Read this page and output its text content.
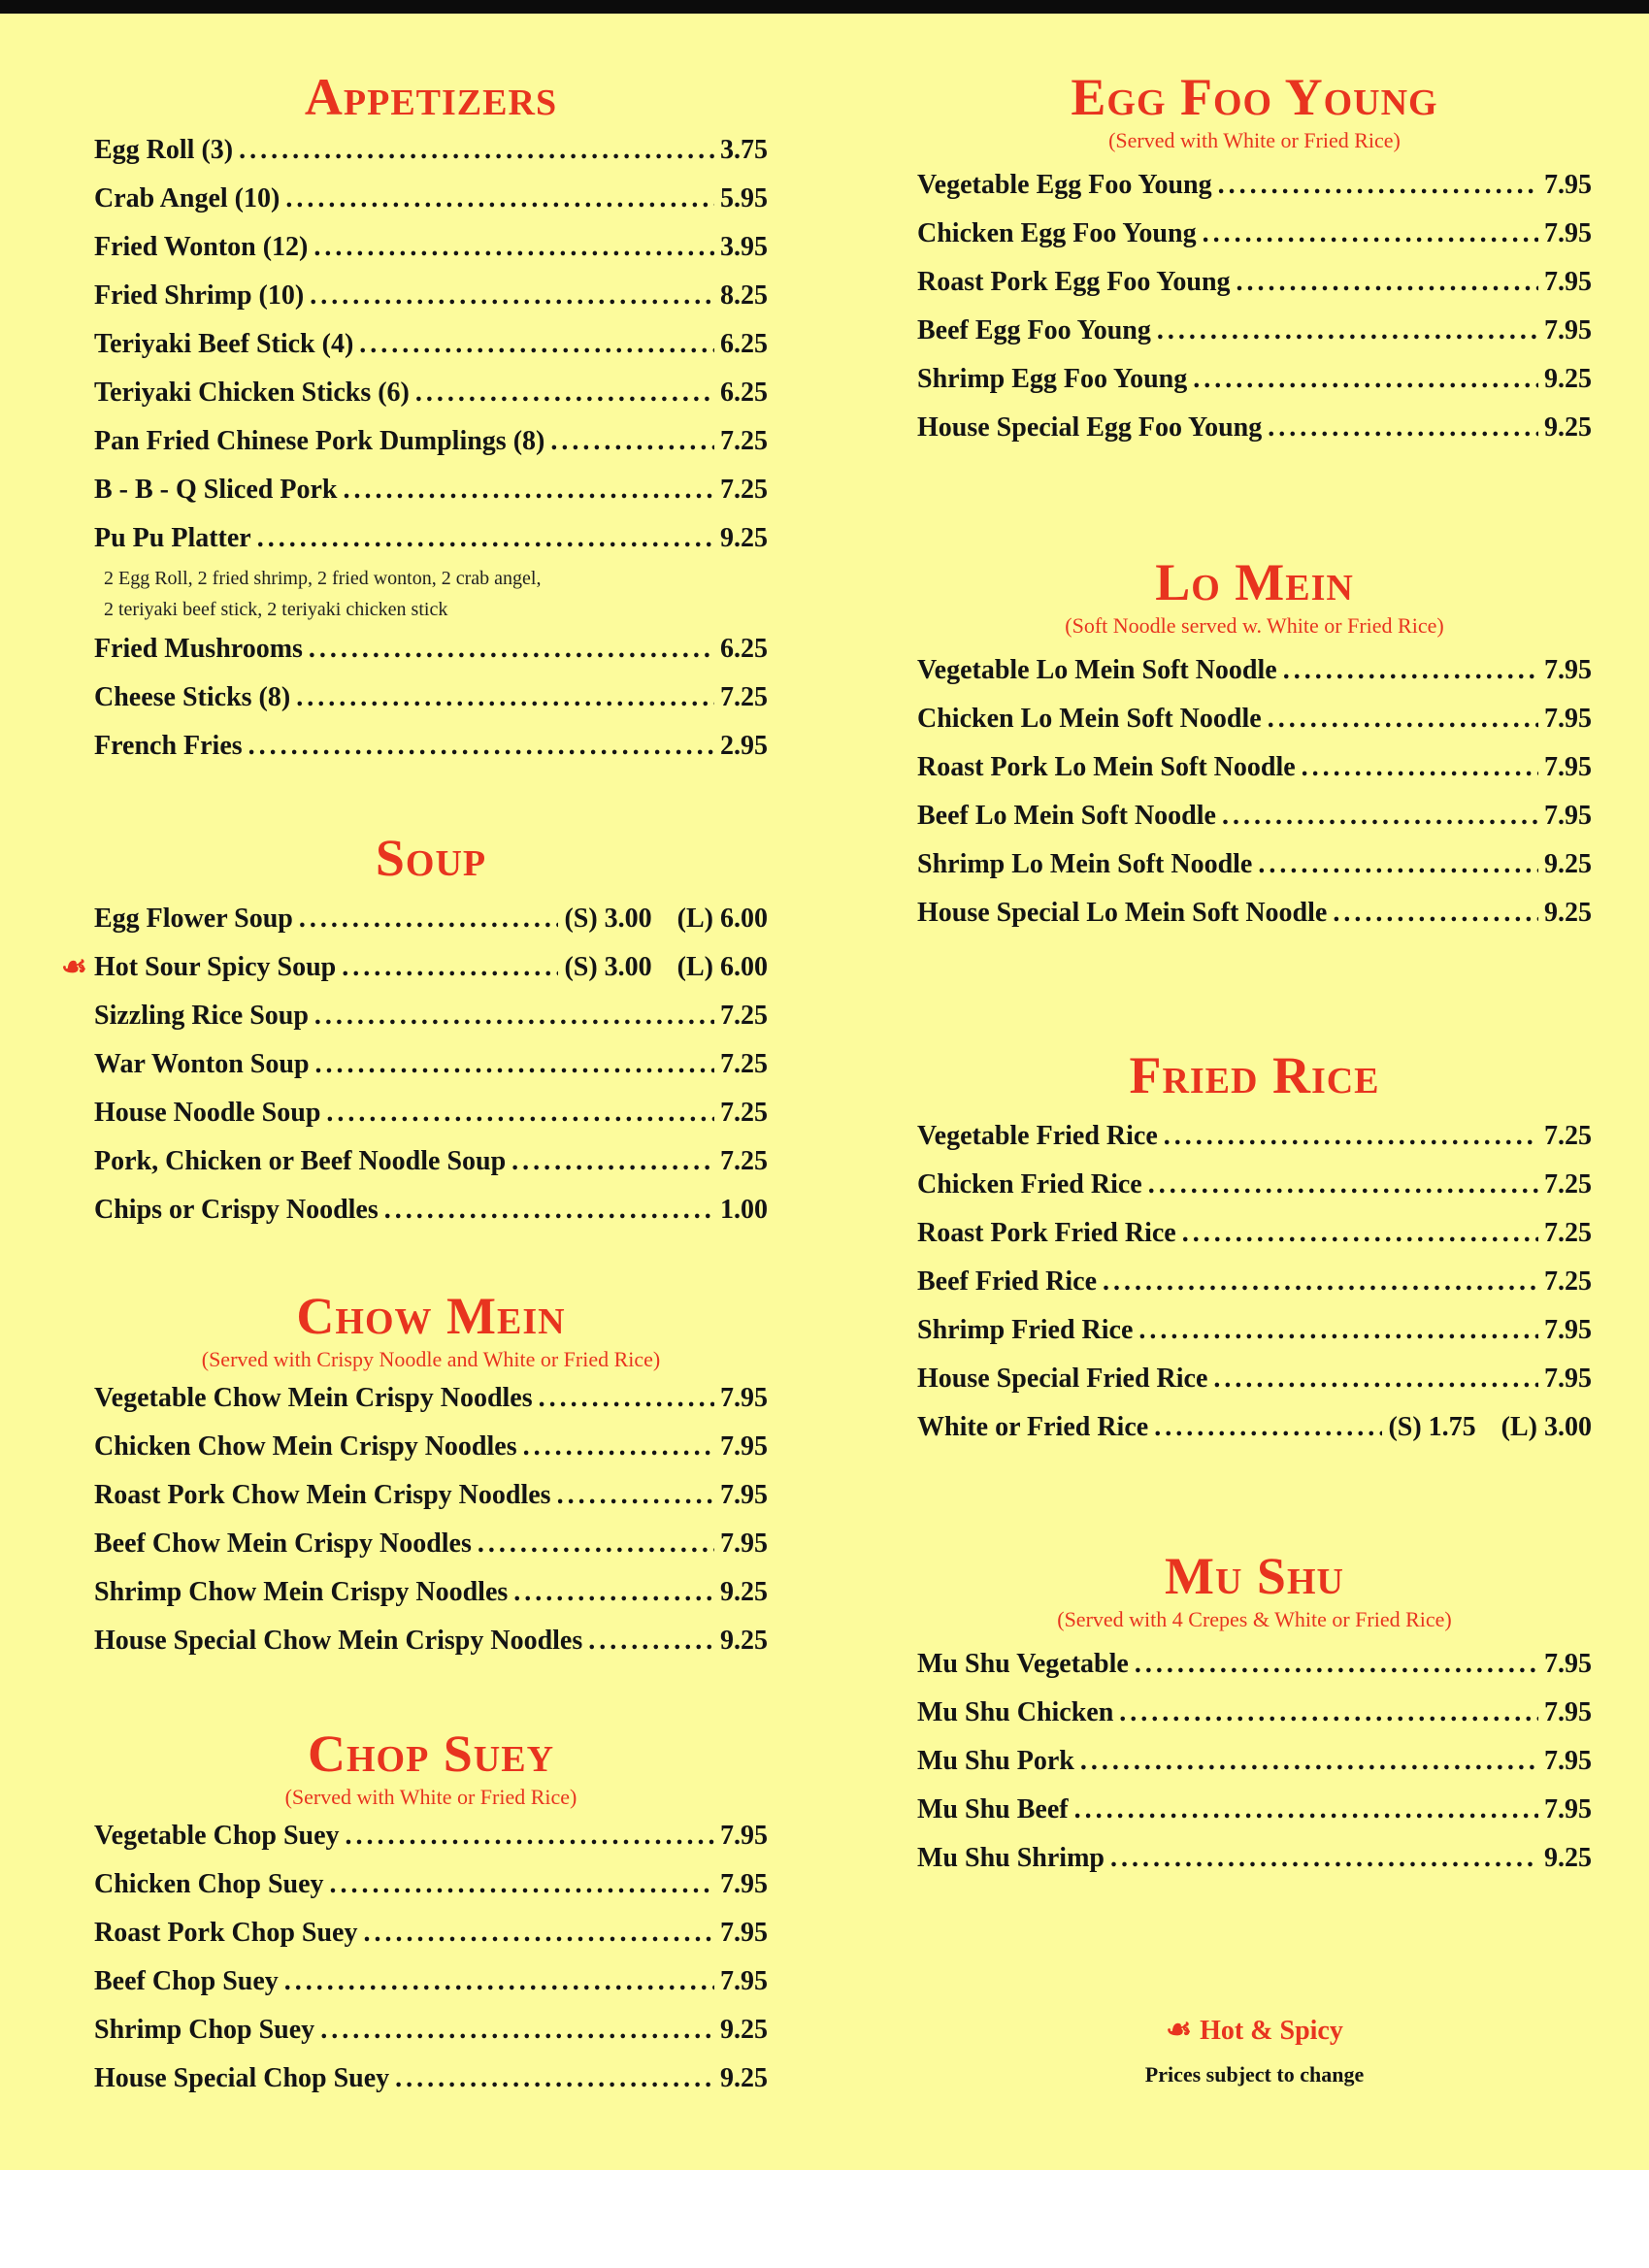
Appetizers
Egg Roll (3) .....	3.75
Crab Angel (10) .....	5.95
Fried Wonton (12) .....	3.95
Fried Shrimp (10) .....	8.25
Teriyaki Beef Stick (4) .....	6.25
Teriyaki Chicken Sticks (6) .....	6.25
Pan Fried Chinese Pork Dumplings (8) .....	7.25
B - B - Q Sliced Pork .....	7.25
Pu Pu Platter .....	9.25
2 Egg Roll, 2 fried shrimp, 2 fried wonton, 2 crab angel,
2 teriyaki beef stick, 2 teriyaki chicken stick
Fried Mushrooms .....	6.25
Cheese Sticks (8) .....	7.25
French Fries .....	2.95
Soup
Egg Flower Soup .....	(S) 3.00 (L) 6.00
☙ Hot Sour Spicy Soup .....	(S) 3.00 (L) 6.00
Sizzling Rice Soup .....	7.25
War Wonton Soup .....	7.25
House Noodle Soup .....	7.25
Pork, Chicken or Beef Noodle Soup .....	7.25
Chips or Crispy Noodles .....	1.00
Chow Mein
(Served with Crispy Noodle and White or Fried Rice)
Vegetable Chow Mein Crispy Noodles .....	7.95
Chicken Chow Mein Crispy Noodles .....	7.95
Roast Pork Chow Mein Crispy Noodles .....	7.95
Beef Chow Mein Crispy Noodles .....	7.95
Shrimp Chow Mein Crispy Noodles .....	9.25
House Special Chow Mein Crispy Noodles .....	9.25
Chop Suey
(Served with White or Fried Rice)
Vegetable Chop Suey .....	7.95
Chicken Chop Suey .....	7.95
Roast Pork Chop Suey .....	7.95
Beef Chop Suey .....	7.95
Shrimp Chop Suey .....	9.25
House Special Chop Suey .....	9.25
Egg Foo Young
(Served with White or Fried Rice)
Vegetable Egg Foo Young .....	7.95
Chicken Egg Foo Young .....	7.95
Roast Pork Egg Foo Young .....	7.95
Beef Egg Foo Young .....	7.95
Shrimp Egg Foo Young .....	9.25
House Special Egg Foo Young .....	9.25
Lo Mein
(Soft Noodle served w. White or Fried Rice)
Vegetable Lo Mein Soft Noodle .....	7.95
Chicken Lo Mein Soft Noodle .....	7.95
Roast Pork Lo Mein Soft Noodle .....	7.95
Beef Lo Mein Soft Noodle .....	7.95
Shrimp Lo Mein Soft Noodle .....	9.25
House Special Lo Mein Soft Noodle .....	9.25
Fried Rice
Vegetable Fried Rice .....	7.25
Chicken Fried Rice .....	7.25
Roast Pork Fried Rice .....	7.25
Beef Fried Rice .....	7.25
Shrimp Fried Rice .....	7.95
House Special Fried Rice .....	7.95
White or Fried Rice .....	(S) 1.75 (L) 3.00
Mu Shu
(Served with 4 Crepes & White or Fried Rice)
Mu Shu Vegetable .....	7.95
Mu Shu Chicken .....	7.95
Mu Shu Pork .....	7.95
Mu Shu Beef .....	7.95
Mu Shu Shrimp .....	9.25
☙ Hot & Spicy
Prices subject to change
